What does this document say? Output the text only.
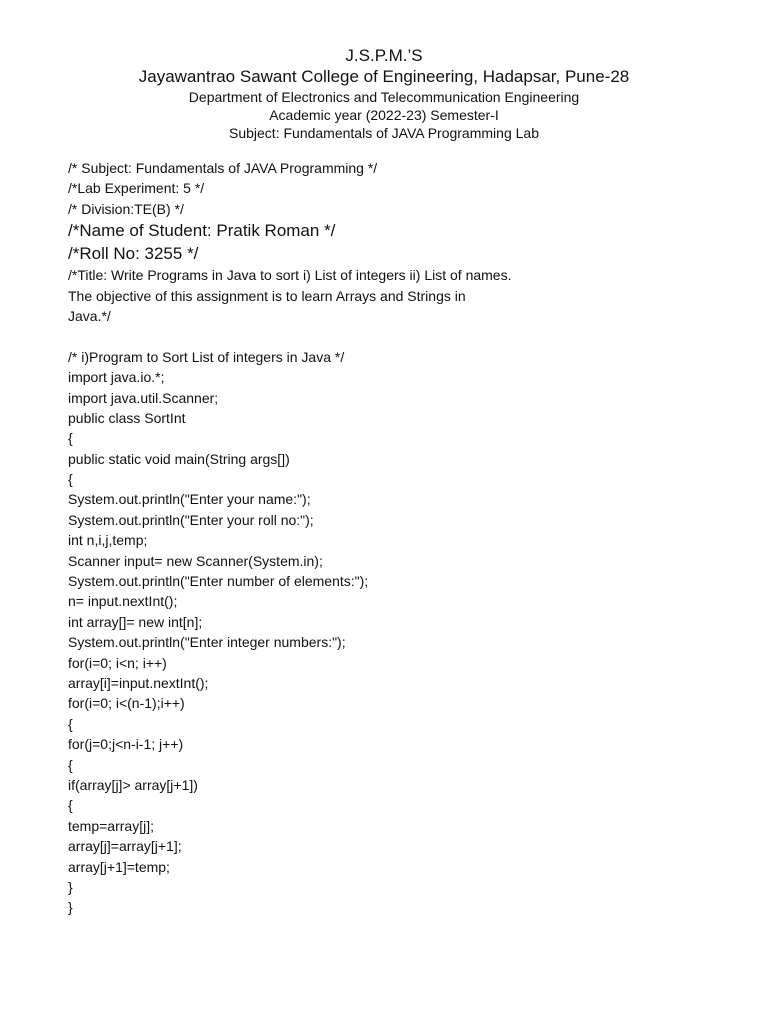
J.S.P.M.’S

Jayawantrao Sawant College of Engineering, Hadapsar, Pune-28

Department of Electronics and Telecommunication Engineering

Academic year (2022-23) Semester-I

Subject: Fundamentals of JAVA Programming Lab

/* Subject: Fundamentals of JAVA Programming */
/*Lab Experiment: 5 */
/* Division:TE(B) */
/*Name of Student: Pratik Roman */
/*Roll No: 3255 */
/*Title: Write Programs in Java to sort i) List of integers ii) List of names.
The objective of this assignment is to learn Arrays and Strings in
Java.*/
/* i)Program to Sort List of integers in Java */
import java.io.*;
import java.util.Scanner;
public class SortInt
{
public static void main(String args[])
{
System.out.println("Enter your name:");
System.out.println("Enter your roll no:");
int n,i,j,temp;
Scanner input= new Scanner(System.in);
System.out.println("Enter number of elements:");
n= input.nextInt();
int array[]= new int[n];
System.out.println("Enter integer numbers:");
for(i=0; i<n; i++)
array[i]=input.nextInt();
for(i=0; i<(n-1);i++)
{
for(j=0;j<n-i-1; j++)
{
if(array[j]> array[j+1])
{
temp=array[j];
array[j]=array[j+1];
array[j+1]=temp;
}
}
